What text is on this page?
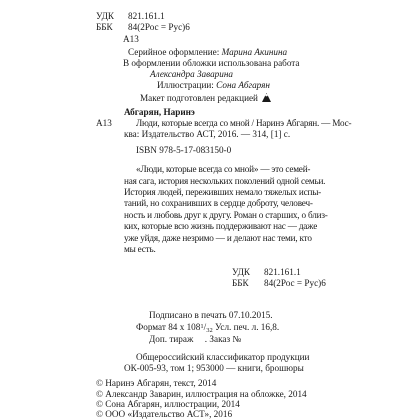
УДК 821.161.1
ББК 84(2Рос = Рус)6
А13
Серийное оформление: Марина Акинина
В оформлении обложки использована работа
Александра Заварина
Иллюстрации: Сона Абгарян
Макет подготовлен редакцией
А13
Абгарян, Наринэ
Люди, которые всегда со мной / Наринэ Абгарян. — Мос-
ква: Издательство АСТ, 2016. — 314, [1] с.
ISBN 978-5-17-083150-0
«Люди, которые всегда со мной» — это семей-
ная сага, история нескольких поколений одной семьи.
История людей, переживших немало тяжелых испы-
таний, но сохранивших в сердце доброту, человеч-
ность и любовь друг к другу. Роман о старших, о близ-
ких, которые всю жизнь поддерживают нас — даже
уже уйдя, даже незримо — и делают нас теми, кто
мы есть.
УДК 821.161.1
ББК 84(2Рос = Рус)6
Подписано в печать 07.10.2015.
Формат 84 x $108^1/_{32}$ Усл. печ. л. 16,8.
Доп. тираж     . Заказ №
Общероссийский классификатор продукции
ОК-005-93, том 1; 953000 — книги, брошюры
© Наринэ Абгарян, текст, 2014
© Александр Заварин, иллюстрация на обложке, 2014
© Сона Абгарян, иллюстрации, 2014
© ООО «Издательство АСТ», 2016
